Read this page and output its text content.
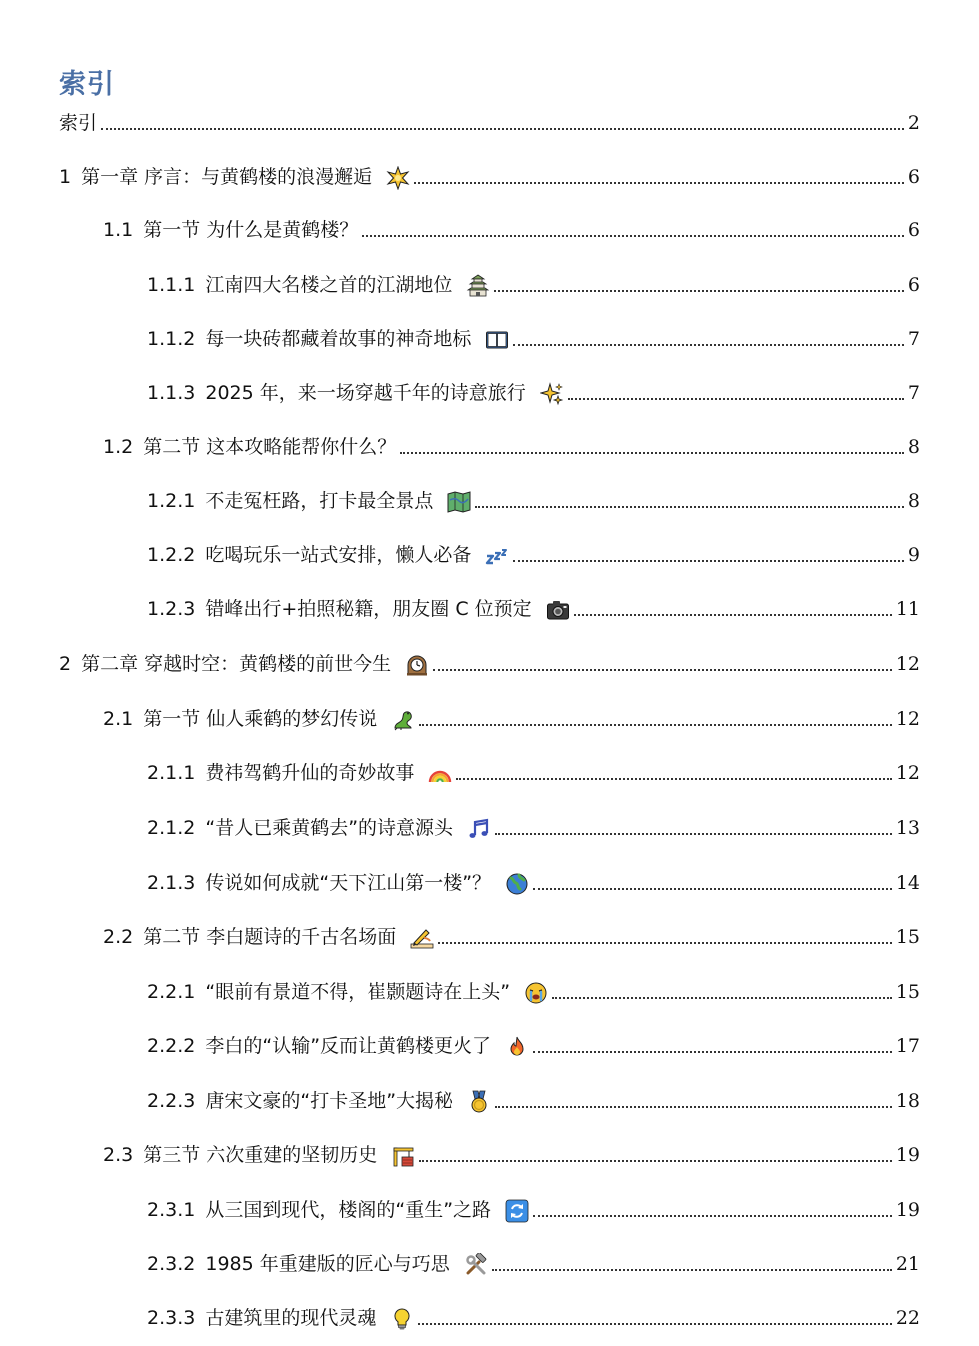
索引
索引	2
1 第一章 序言：与黄鹤楼的浪漫邂逅	6
1.1 第一节 为什么是黄鹤楼？	6
1.1.1 江南四大名楼之首的江湖地位	6
1.1.2 每一块砖都藏着故事的神奇地标	7
1.1.3 2025 年，来一场穿越千年的诗意旅行	7
1.2 第二节 这本攻略能帮你什么？	8
1.2.1 不走冤枉路，打卡最全景点	8
1.2.2 吃喝玩乐一站式安排，懒人必备	9
1.2.3 错峰出行+拍照秘籍，朋友圈 C 位预定	11
2 第二章 穿越时空：黄鹤楼的前世今生	12
2.1 第一节 仙人乘鹤的梦幻传说	12
2.1.1 费祎驾鹤升仙的奇妙故事	12
2.1.2 “昔人已乘黄鹤去”的诗意源头	13
2.1.3 传说如何成就“天下江山第一楼”？	14
2.2 第二节 李白题诗的千古名场面	15
2.2.1 “眼前有景道不得，崔颢题诗在上头”	15
2.2.2 李白的“认输”反而让黄鹤楼更火了	17
2.2.3 唐宋文豪的“打卡圣地”大揭秘	18
2.3 第三节 六次重建的坚韧历史	19
2.3.1 从三国到现代，楼阁的“重生”之路	19
2.3.2 1985 年重建版的匠心与巧思	21
2.3.3 古建筑里的现代灵魂	22
